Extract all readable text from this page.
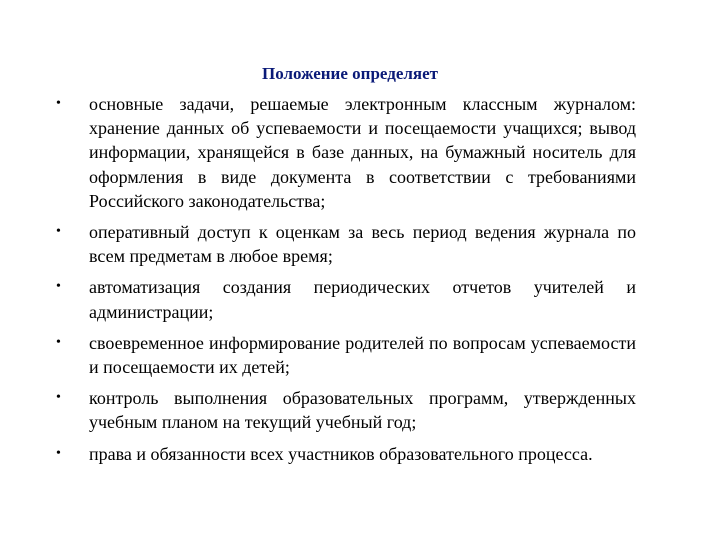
Положение определяет
• основные задачи, решаемые электронным классным журналом: хранение данных об успеваемости и посещаемости учащихся; вывод информации, хранящейся в базе данных, на бумажный носитель для оформления в виде документа в соответствии с требованиями Российского законодательства;
• оперативный доступ к оценкам за весь период ведения журнала по всем предметам в любое время;
• автоматизация создания периодических отчетов учителей и администрации;
• своевременное информирование родителей по вопросам успеваемости и посещаемости их детей;
• контроль выполнения образовательных программ, утвержденных учебным планом на текущий учебный год;
• права и обязанности всех участников образовательного процесса.
